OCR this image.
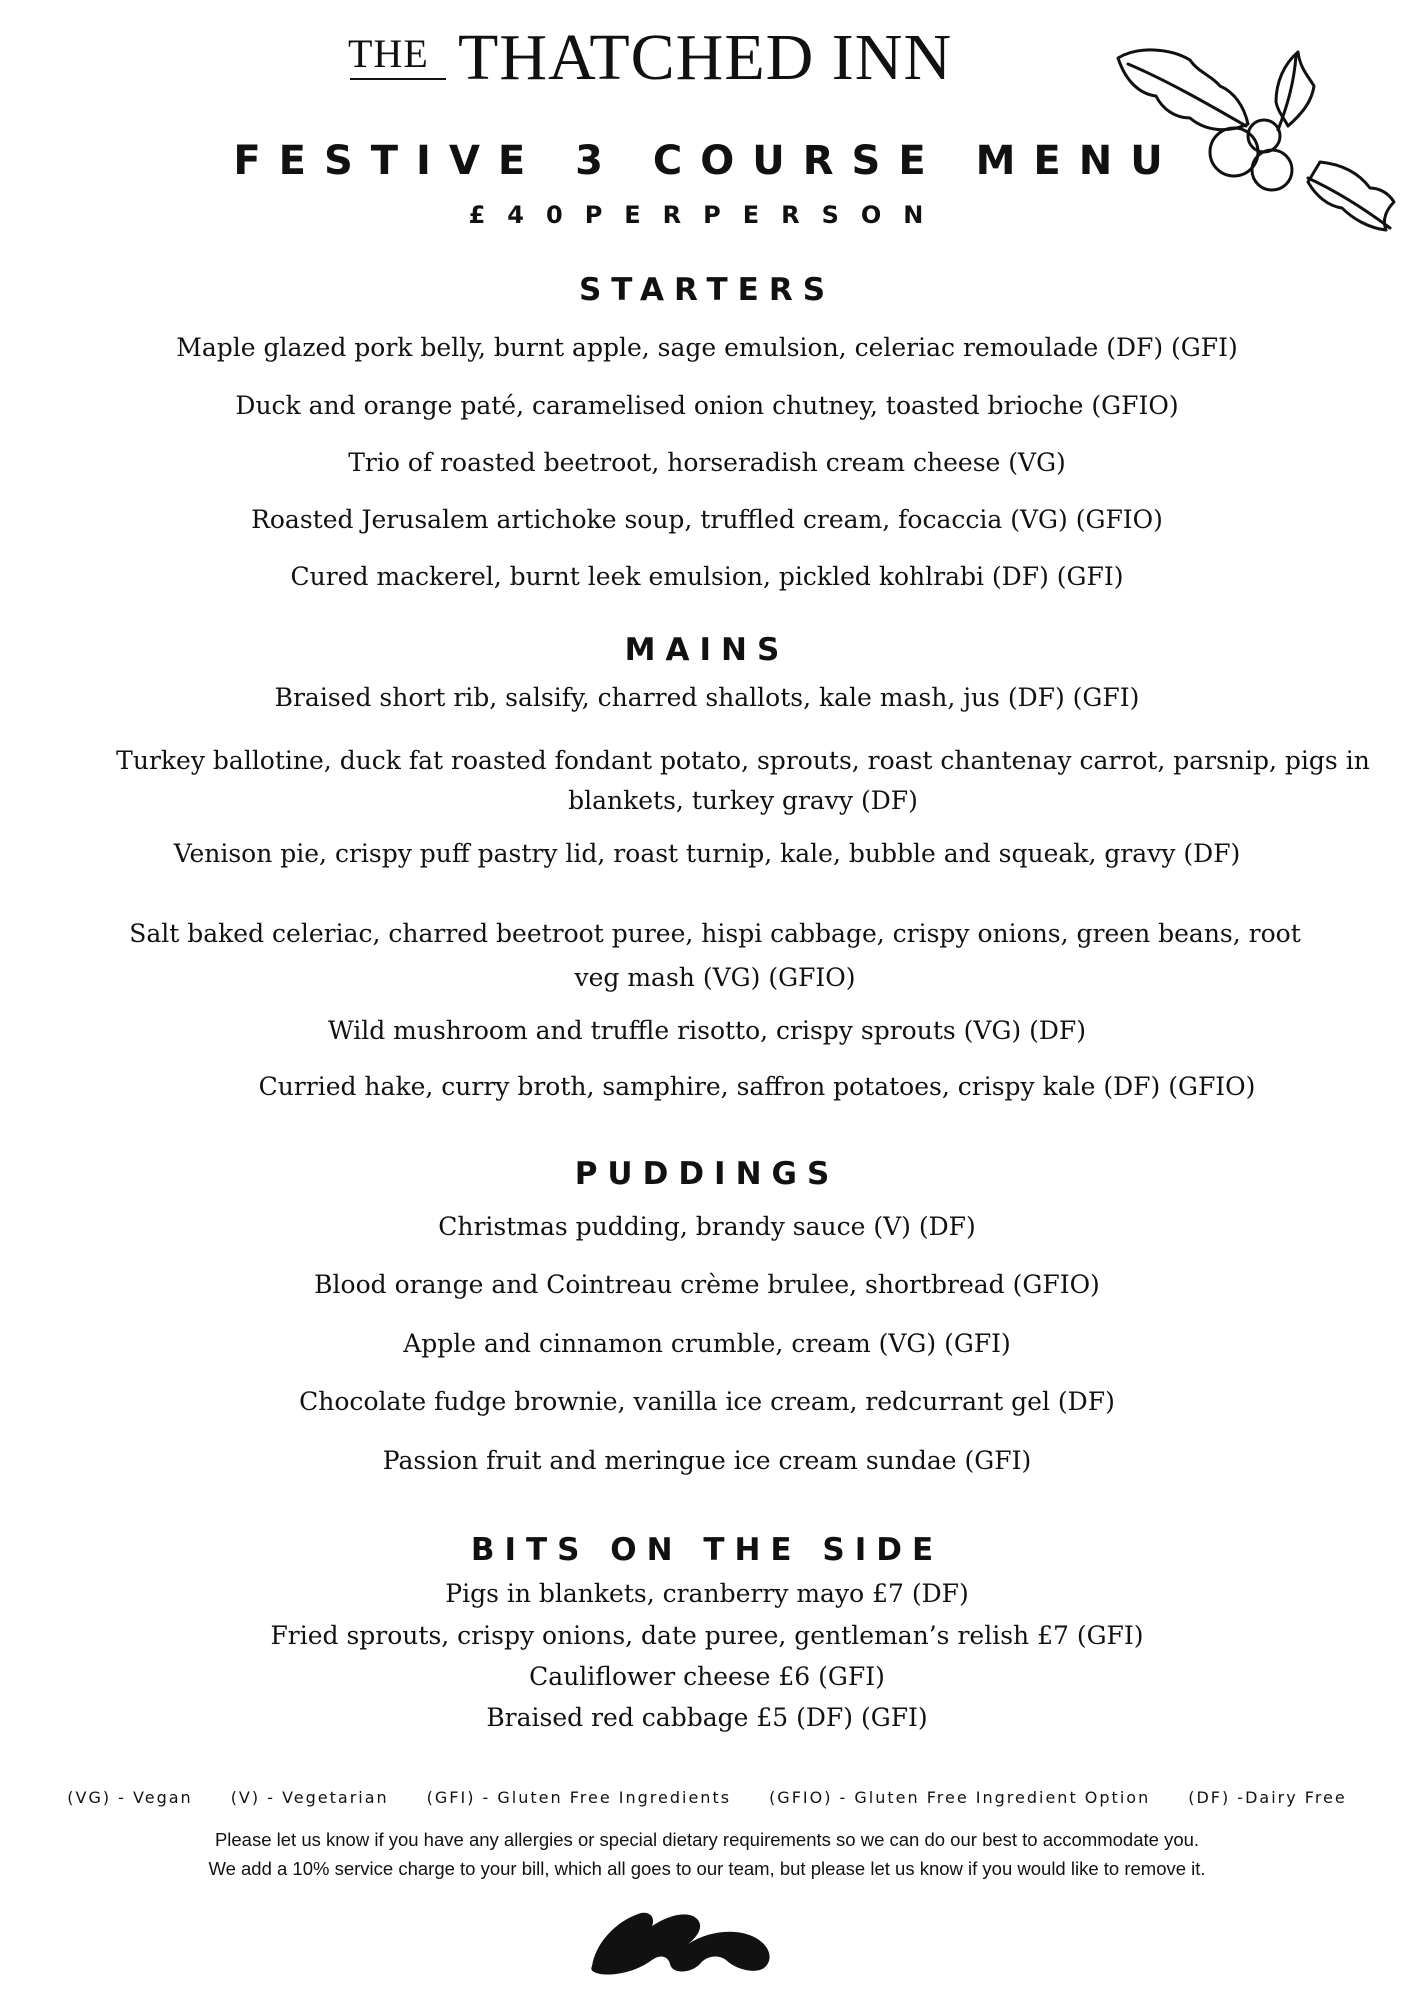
THE THATCHED INN
FESTIVE 3 COURSE MENU
£40PERPERSON
STARTERS
Maple glazed pork belly, burnt apple, sage emulsion, celeriac remoulade (DF) (GFI)
Duck and orange paté, caramelised onion chutney, toasted brioche (GFIO)
Trio of roasted beetroot, horseradish cream cheese (VG)
Roasted Jerusalem artichoke soup, truffled cream, focaccia (VG) (GFIO)
Cured mackerel, burnt leek emulsion, pickled kohlrabi (DF) (GFI)
MAINS
Braised short rib, salsify, charred shallots, kale mash, jus (DF) (GFI)
Turkey ballotine, duck fat roasted fondant potato, sprouts, roast chantenay carrot, parsnip, pigs in blankets, turkey gravy (DF)
Venison pie, crispy puff pastry lid, roast turnip, kale, bubble and squeak, gravy (DF)
Salt baked celeriac, charred beetroot puree, hispi cabbage, crispy onions, green beans, root veg mash (VG) (GFIO)
Wild mushroom and truffle risotto, crispy sprouts (VG) (DF)
Curried hake, curry broth, samphire, saffron potatoes, crispy kale (DF) (GFIO)
PUDDINGS
Christmas pudding, brandy sauce (V) (DF)
Blood orange and Cointreau crème brulee, shortbread (GFIO)
Apple and cinnamon crumble, cream (VG) (GFI)
Chocolate fudge brownie, vanilla ice cream, redcurrant gel (DF)
Passion fruit and meringue ice cream sundae (GFI)
BITS ON THE SIDE
Pigs in blankets, cranberry mayo £7 (DF)
Fried sprouts, crispy onions, date puree, gentleman’s relish £7 (GFI)
Cauliflower cheese £6 (GFI)
Braised red cabbage £5 (DF) (GFI)
(VG) - Vegan (V) - Vegetarian (GFI) - Gluten Free Ingredients (GFIO) - Gluten Free Ingredient Option (DF) -Dairy Free
Please let us know if you have any allergies or special dietary requirements so we can do our best to accommodate you.
We add a 10% service charge to your bill, which all goes to our team, but please let us know if you would like to remove it.
